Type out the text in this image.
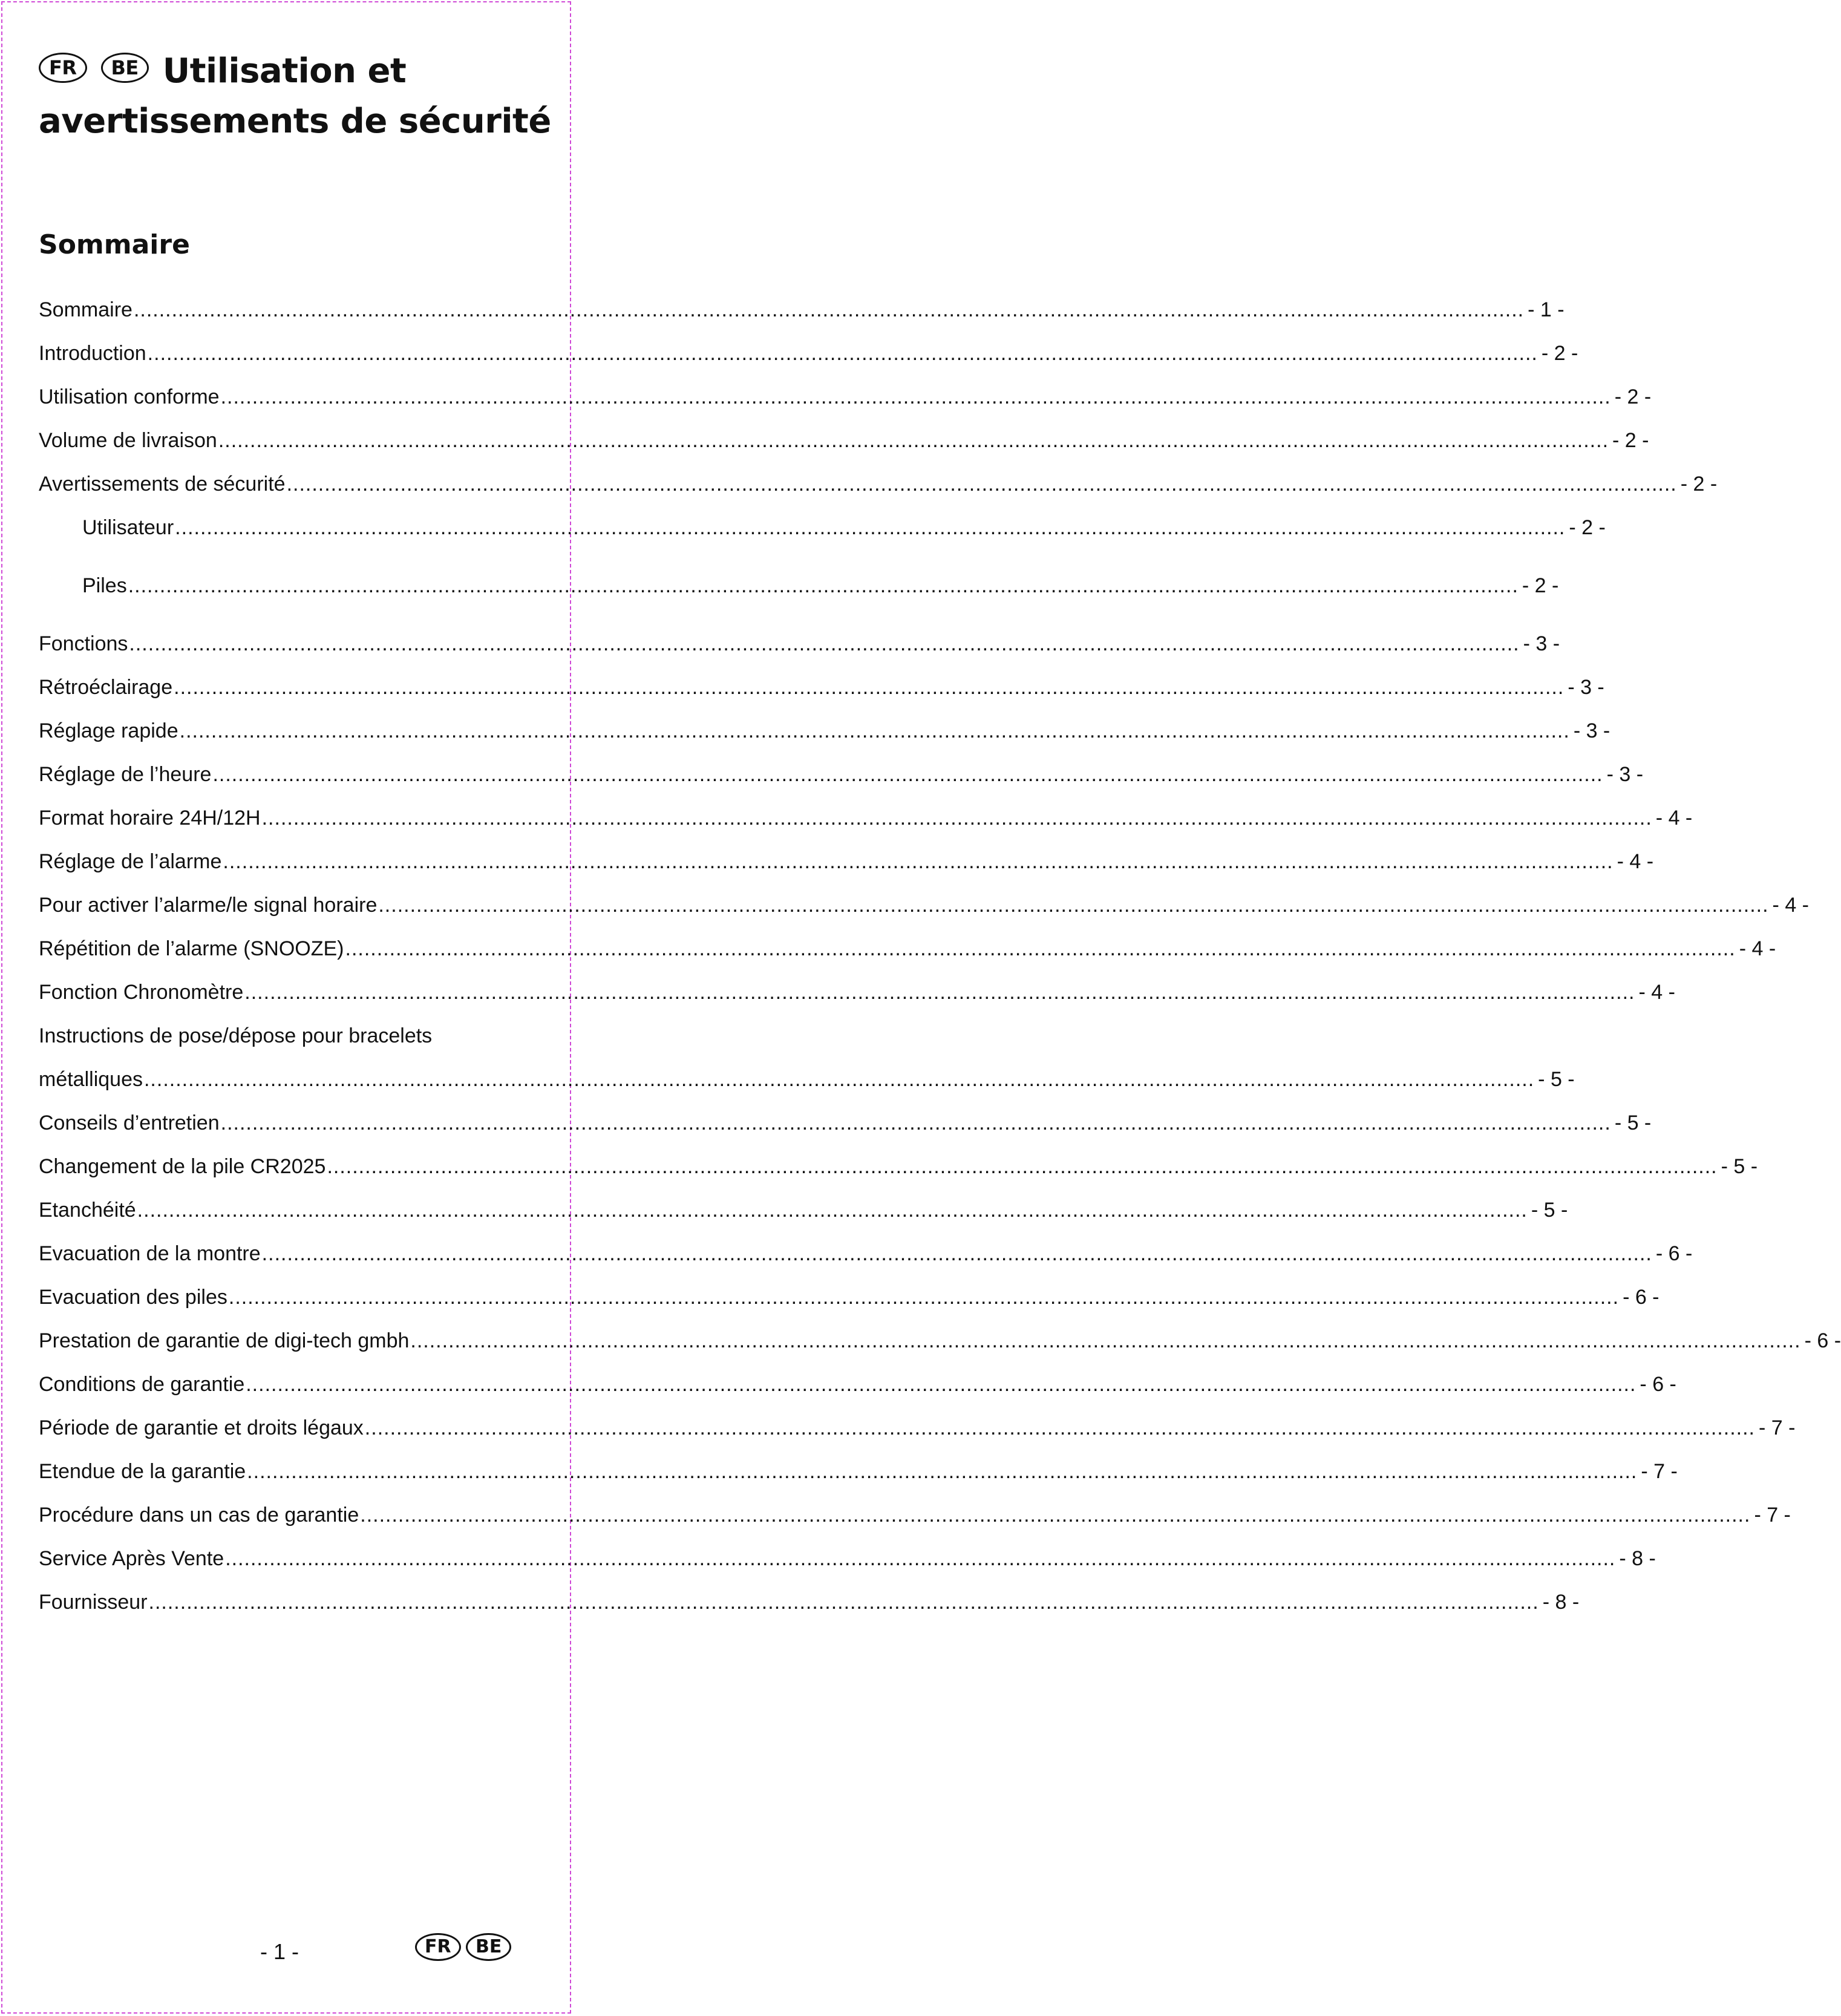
FR BE Utilisation et
avertissements de sécurité
Sommaire
Sommaire ............................................................................................................................................................................................................................ - 1 -
Introduction ............................................................................................................................................................................................................................ - 2 -
Utilisation conforme ............................................................................................................................................................................................................................ - 2 -
Volume de livraison ............................................................................................................................................................................................................................ - 2 -
Avertissements de sécurité ............................................................................................................................................................................................................................ - 2 -
Utilisateur ............................................................................................................................................................................................................................ - 2 -
Piles ............................................................................................................................................................................................................................ - 2 -
Fonctions ............................................................................................................................................................................................................................ - 3 -
Rétroéclairage ............................................................................................................................................................................................................................ - 3 -
Réglage rapide ............................................................................................................................................................................................................................ - 3 -
Réglage de l’heure ............................................................................................................................................................................................................................ - 3 -
Format horaire 24H/12H ............................................................................................................................................................................................................................ - 4 -
Réglage de l’alarme ............................................................................................................................................................................................................................ - 4 -
Pour activer l’alarme/le signal horaire ............................................................................................................................................................................................................................ - 4 -
Répétition de l’alarme (SNOOZE) ............................................................................................................................................................................................................................ - 4 -
Fonction Chronomètre ............................................................................................................................................................................................................................ - 4 -
Instructions de pose/dépose pour bracelets
métalliques ............................................................................................................................................................................................................................ - 5 -
Conseils d’entretien ............................................................................................................................................................................................................................ - 5 -
Changement de la pile CR2025 ............................................................................................................................................................................................................................ - 5 -
Etanchéité ............................................................................................................................................................................................................................ - 5 -
Evacuation de la montre ............................................................................................................................................................................................................................ - 6 -
Evacuation des piles ............................................................................................................................................................................................................................ - 6 -
Prestation de garantie de digi-tech gmbh ............................................................................................................................................................................................................................ - 6 -
Conditions de garantie ............................................................................................................................................................................................................................ - 6 -
Période de garantie et droits légaux ............................................................................................................................................................................................................................ - 7 -
Etendue de la garantie ............................................................................................................................................................................................................................ - 7 -
Procédure dans un cas de garantie ............................................................................................................................................................................................................................ - 7 -
Service Après Vente ............................................................................................................................................................................................................................ - 8 -
Fournisseur ............................................................................................................................................................................................................................ - 8 -
- 1 -	FR BE
